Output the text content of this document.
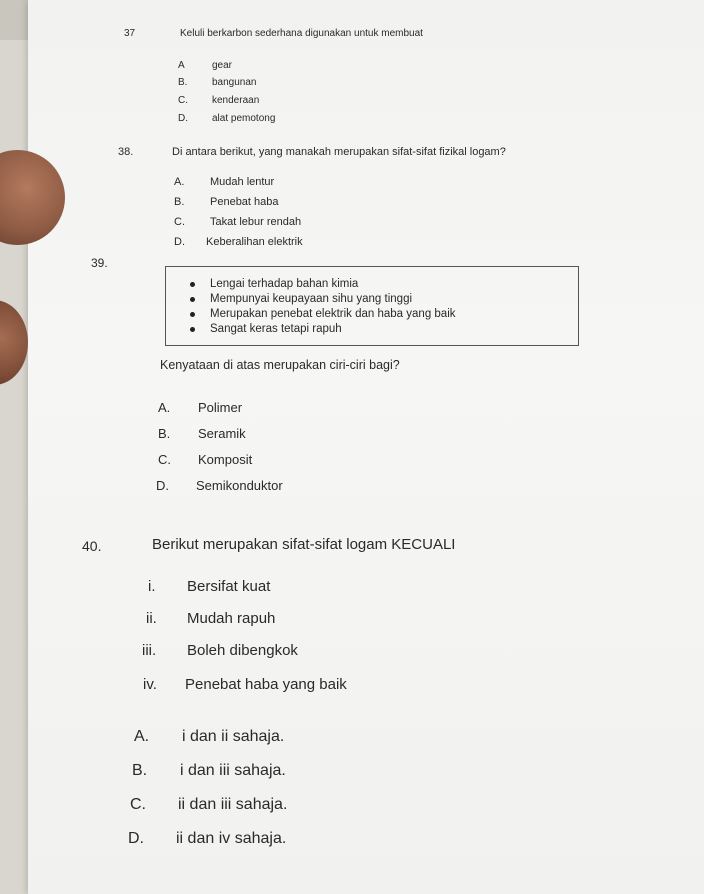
37	Keluli berkarbon sederhana digunakan untuk membuat
A	gear
B. bangunan
C. kenderaan
D. alat pemotong
38.	Di antara berikut, yang manakah merupakan sifat-sifat fizikal logam?
A. Mudah lentur
B. Penebat haba
C. Takat lebur rendah
D. Keberalihan elektrik
39.
Lengai terhadap bahan kimia
Mempunyai keupayaan sihu yang tinggi
Merupakan penebat elektrik dan haba yang baik
Sangat keras tetapi rapuh
Kenyataan di atas merupakan ciri-ciri bagi?
A. Polimer
B. Seramik
C. Komposit
D. Semikonduktor
40.	Berikut merupakan sifat-sifat logam KECUALI
i. Bersifat kuat
ii. Mudah rapuh
iii. Boleh dibengkok
iv. Penebat haba yang baik
A. i dan ii sahaja.
B. i dan iii sahaja.
C. ii dan iii sahaja.
D. ii dan iv sahaja.
